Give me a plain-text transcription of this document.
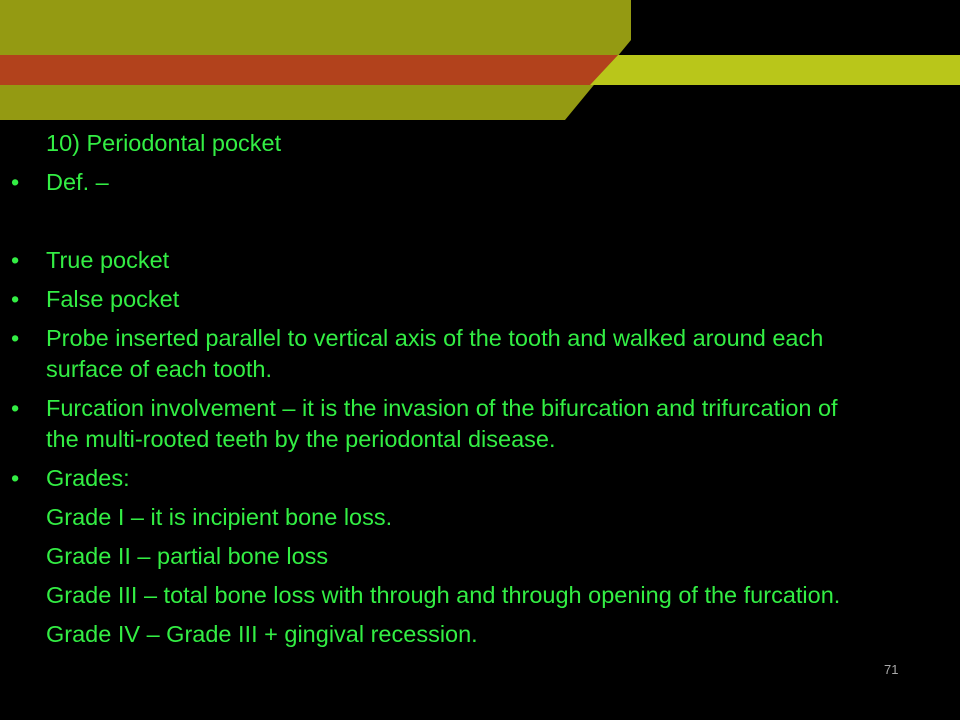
10) Periodontal pocket
• Def. –
• True pocket
• False pocket
• Probe inserted parallel to vertical axis of the tooth and walked around each surface of each tooth.
• Furcation involvement – it is the invasion of the bifurcation and trifurcation of the multi-rooted teeth by the periodontal disease.
• Grades:
Grade I – it is incipient bone loss.
Grade II – partial bone loss
Grade III – total bone loss with through and through opening of the furcation.
Grade IV – Grade III + gingival recession.
71
